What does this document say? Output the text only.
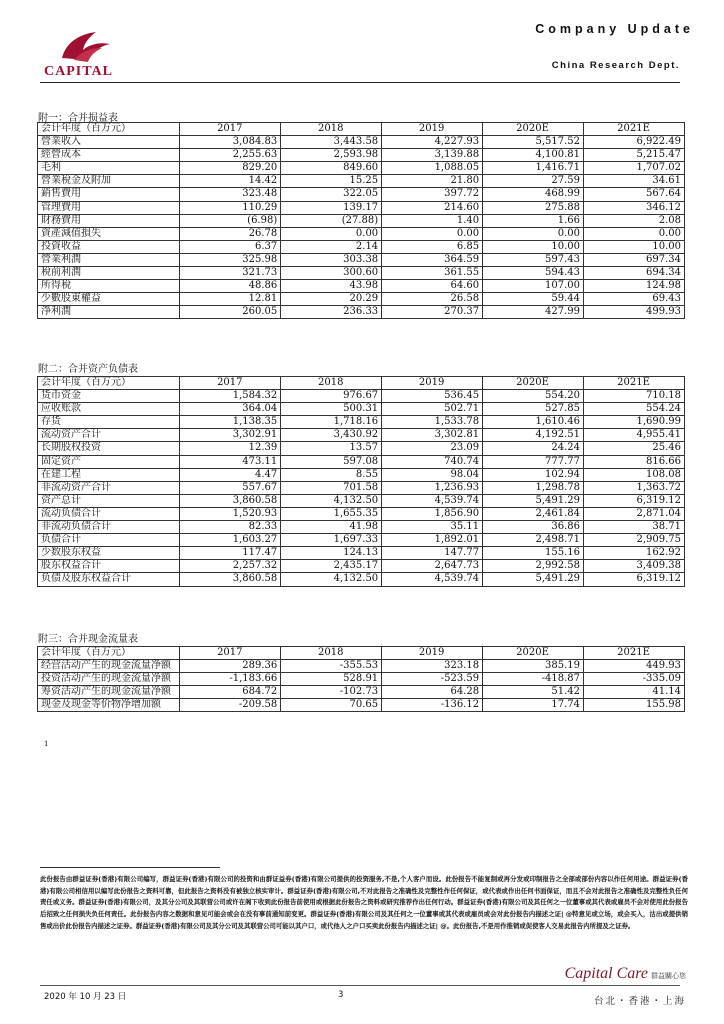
CAPITAL
Company Update
China Research Dept.
附一：合并损益表
会计年度（百万元）	2017	2018	2019	2020E	2021E
營業收入	3,084.83	3,443.58	4,227.93	5,517.52	6,922.49
經營成本	2,255.63	2,593.98	3,139.88	4,100.81	5,215.47
毛利	829.20	849.60	1,088.05	1,416.71	1,707.02
營業稅金及附加	14.42	15.25	21.80	27.59	34.61
銷售費用	323.48	322.05	397.72	468.99	567.64
管理費用	110.29	139.17	214.60	275.88	346.12
財務費用	(6.98)	(27.88)	1.40	1.66	2.08
資產減值損失	26.78	0.00	0.00	0.00	0.00
投資收益	6.37	2.14	6.85	10.00	10.00
營業利潤	325.98	303.38	364.59	597.43	697.34
稅前利潤	321.73	300.60	361.55	594.43	694.34
所得稅	48.86	43.98	64.60	107.00	124.98
少數股東權益	12.81	20.29	26.58	59.44	69.43
淨利潤	260.05	236.33	270.37	427.99	499.93
附二：合并资产负债表
会计年度（百万元）	2017	2018	2019	2020E	2021E
货币资金	1,584.32	976.67	536.45	554.20	710.18
应收账款	364.04	500.31	502.71	527.85	554.24
存货	1,138.35	1,718.16	1,533.78	1,610.46	1,690.99
流动资产合计	3,302.91	3,430.92	3,302.81	4,192.51	4,955.41
长期股权投资	12.39	13.57	23.09	24.24	25.46
固定资产	473.11	597.08	740.74	777.77	816.66
在建工程	4.47	8.55	98.04	102.94	108.08
非流动资产合计	557.67	701.58	1,236.93	1,298.78	1,363.72
资产总计	3,860.58	4,132.50	4,539.74	5,491.29	6,319.12
流动负债合计	1,520.93	1,655.35	1,856.90	2,461.84	2,871.04
非流动负债合计	82.33	41.98	35.11	36.86	38.71
负债合计	1,603.27	1,697.33	1,892.01	2,498.71	2,909.75
少数股东权益	117.47	124.13	147.77	155.16	162.92
股东权益合计	2,257.32	2,435.17	2,647.73	2,992.58	3,409.38
负债及股东权益合计	3,860.58	4,132.50	4,539.74	5,491.29	6,319.12
附三：合并现金流量表
会计年度（百万元）	2017	2018	2019	2020E	2021E
经营活动产生的现金流量净额	289.36	-355.53	323.18	385.19	449.93
投资活动产生的现金流量净额	-1,183.66	528.91	-523.59	-418.87	-335.09
筹资活动产生的现金流量净额	684.72	-102.73	64.28	51.42	41.14
现金及现金等价物净增加额	-209.58	70.65	-136.12	17.74	155.98
1
此份报告由群益证券(香港)有限公司编写，群益证券(香港)有限公司的投资和由群证益券(香港)有限公司提供的投资服务,不是,个人客户而设。此份报告不能复制或再分发或印制报告之全部或部份内容以作任何用途。群益证券(香港)有限公司相信用以编写此份报告之资料可靠，但此报告之资料没有被独立核实审计。群益证券(香港)有限公司,不对此报告之准确性及完整性作任何保证，或代表或作出任何书面保证，而且不会对此报告之准确性及完整性负任何责任或义务。群益证券(香港)有限公司，及其分公司及其联营公司或许在阁下收到此份报告前使用或根据此份报告之资料或研究推荐作出任何行动。群益证券(香港)有限公司及其任何之一位董事或其代表或雇员不会对使用此份报告后招致之任何损失负任何责任。此份报告内容之数据和意见可能会或会在没有事前通知前变更。群益证券(香港)有限公司及其任何之一位董事或其代表或雇员或会对此份报告内描述之证| @特意见或立场，或会买入，沽出或提供销售或出价此份报告内描述之证券。群益证券(香港)有限公司及其分公司及其联营公司可能以其户口，或代他人之户口买卖此份报告内描述之证| @。此份报告,不是用作推销或促使客人交易此报告内所提及之证券。
Capital Care 群益關心您
2020 年 10 月 23 日	3
台北・香港・上海
